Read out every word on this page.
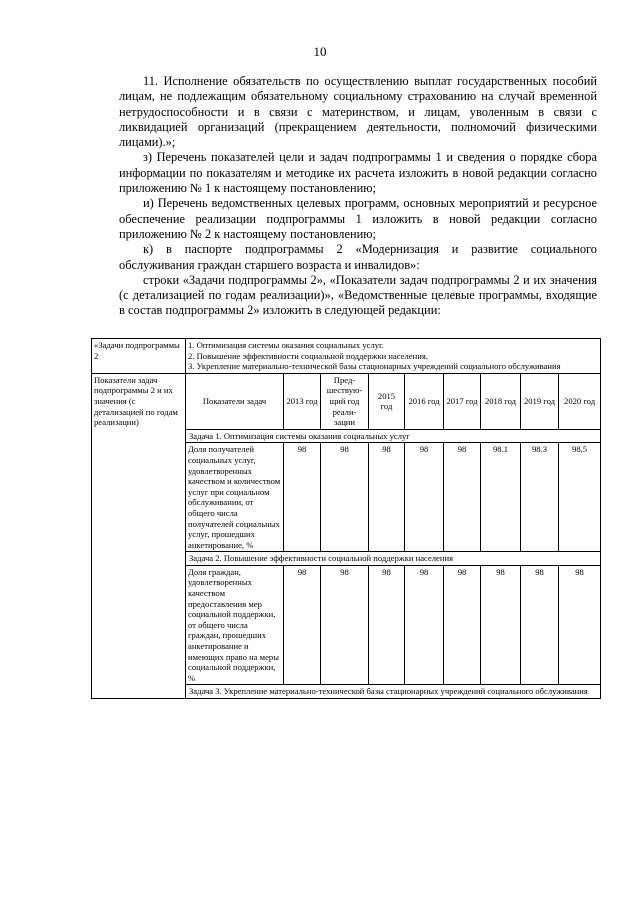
10

11. Исполнение обязательств по осуществлению выплат государственных пособий лицам, не подлежащим обязательному социальному страхованию на случай временной нетрудоспособности и в связи с материнством, и лицам, уволенным в связи с ликвидацией организаций (прекращением деятельности, полномочий физическими лицами).»;

з) Перечень показателей цели и задач подпрограммы 1 и сведения о порядке сбора информации по показателям и методике их расчета изложить в новой редакции согласно приложению № 1 к настоящему постановлению;

и) Перечень ведомственных целевых программ, основных мероприятий и ресурсное обеспечение реализации подпрограммы 1 изложить в новой редакции согласно приложению № 2 к настоящему постановлению;

к) в паспорте подпрограммы 2 «Модернизация и развитие социального обслуживания граждан старшего возраста и инвалидов»:

строки «Задачи подпрограммы 2», «Показатели задач подпрограммы 2 и их значения (с детализацией по годам реализации)», «Ведомственные целевые программы, входящие в состав подпрограммы 2» изложить в следующей редакции:

«Задачи подпрограммы 2	1. Оптимизация системы оказания социальных услуг.
2. Повышение эффективности социальной поддержки населения.
3. Укрепление материально-технической базы стационарных учреждений социального обслуживания								

Показатели задач подпрограммы 2 и их значения (с детализацией по годам реализации)	Показатели задач	2013 год	Пред-шествую-щий год реали-зации	2015 год	2016 год	2017 год	2018 год	2019 год	2020 год
	Задача 1. Оптимизация системы оказания социальных услуг								
	Доля получателей социальных услуг, удовлетворенных качеством и количеством услуг при социальном обслуживании, от общего числа получателей социальных услуг, прошедших анкетирование, %	98	98	98	98	98	98.1	98.3	98,5
	Задача 2. Повышение эффективности социальной поддержки населения								
	Доля граждан, удовлетворенных качеством предоставления мер социальной поддержки, от общего числа граждан, прошедших анкетирование и имеющих право на меры социальной поддержки, %	98	98	98	98	98	98	98	98
	Задача 3. Укрепление материально-технической базы стационарных учреждений социального обслуживания								
